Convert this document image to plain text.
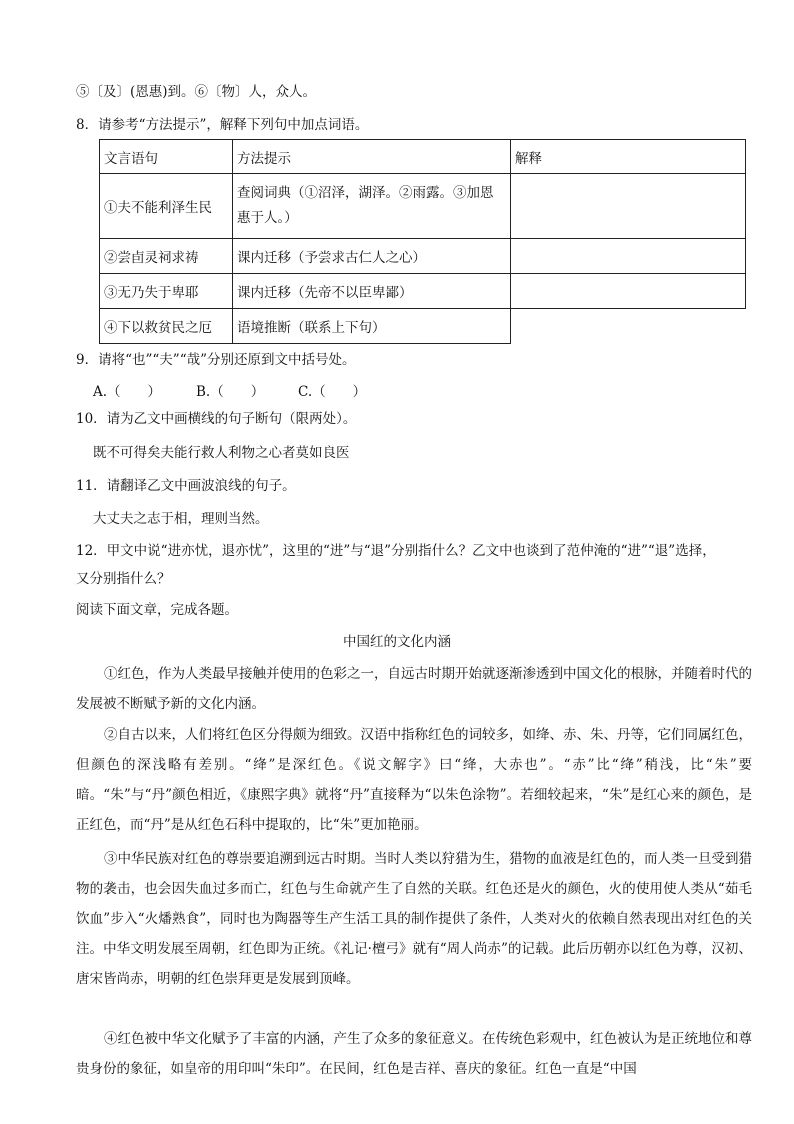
⑤〔及〕(恩惠)到。⑥〔物〕人，众人。
8．请参考“方法提示”，解释下列句中加点词语。
文言语句	方法提示	解释
①夫不能利泽生民	查阅词典（①沼泽，湖泽。②雨露。③加恩惠于人。）	
②尝卣灵祠求祷	课内迁移（予尝求古仁人之心）	
③无乃失于卑耶	课内迁移（先帝不以臣卑鄙）	
④下以救贫民之厄	语境推断（联系上下句）	
9．请将“也”“夫”“哉”分别还原到文中括号处。
A.（　　）	B.（　　）	C.（　　）
10．请为乙文中画横线的句子断句（限两处）。
既不可得矣夫能行救人利物之心者莫如良医
11．请翻译乙文中画波浪线的句子。
大丈夫之志于相，理则当然。
12．甲文中说“进亦忧，退亦忧”，这里的“进”与“退”分别指什么？乙文中也谈到了范仲淹的“进”“退”选择，
又分别指什么？
阅读下面文章，完成各题。
中国红的文化内涵
①红色，作为人类最早接触并使用的色彩之一，自远古时期开始就逐渐渗透到中国文化的根脉，并随着时代的发展被不断赋予新的文化内涵。
②自古以来，人们将红色区分得颇为细致。汉语中指称红色的词较多，如绛、赤、朱、丹等，它们同属红色，但颜色的深浅略有差别。“绛”是深红色。《说文解字》曰“绛，大赤也”。“赤”比“绛”稍浅，比“朱”要暗。“朱”与“丹”颜色相近，《康熙字典》就将“丹”直接释为“以朱色涂物”。若细较起来，“朱”是红心来的颜色，是正红色，而“丹”是从红色石科中提取的，比“朱”更加艳丽。
③中华民族对红色的尊崇要追溯到远古时期。当时人类以狩猎为生，猎物的血液是红色的，而人类一旦受到猎物的袭击，也会因失血过多而亡，红色与生命就产生了自然的关联。红色还是火的颜色，火的使用使人类从“茹毛饮血”步入“火燔熟食”，同时也为陶器等生产生活工具的制作提供了条件，人类对火的依赖自然表现出对红色的关注。中华文明发展至周朝，红色即为正统。《礼记·檀弓》就有“周人尚赤”的记载。此后历朝亦以红色为尊，汉初、唐宋皆尚赤，明朝的红色崇拜更是发展到顶峰。
④红色被中华文化赋予了丰富的内涵，产生了众多的象征意义。在传统色彩观中，红色被认为是正统地位和尊贵身份的象征，如皇帝的用印叫“朱印”。在民间，红色是吉祥、喜庆的象征。红色一直是“中国
